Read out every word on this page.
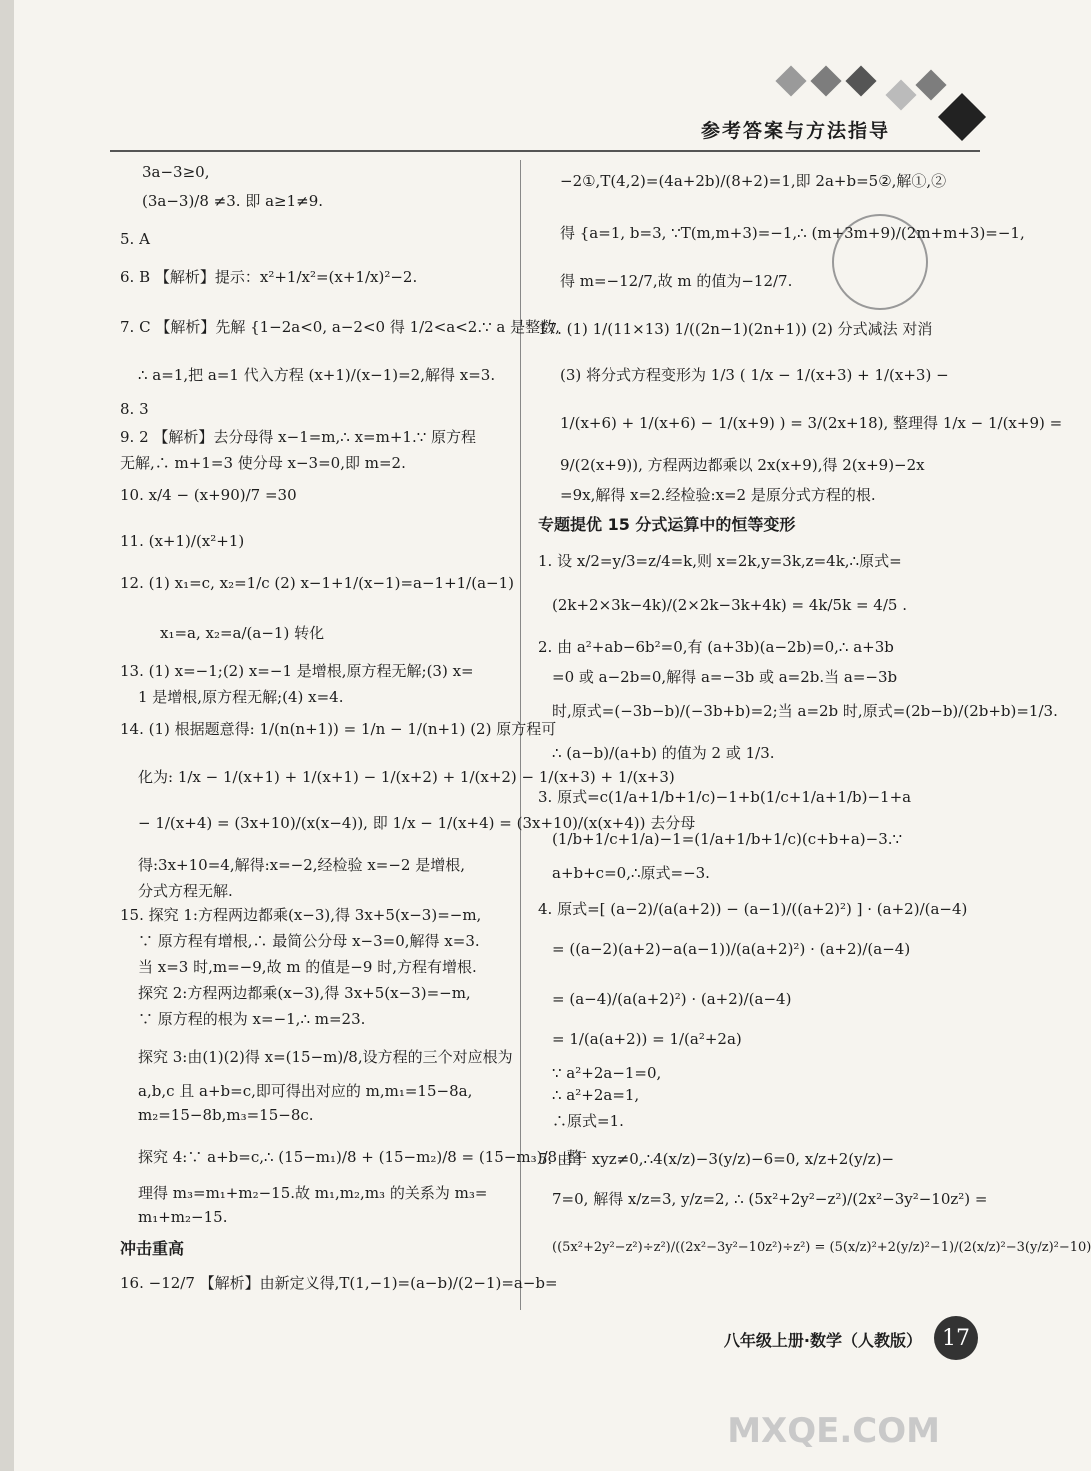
参考答案与方法指导
3a−3≥0,
(3a−3)/8 ≠3. 即 a≥1≠9.
5. A
6. B 【解析】提示：x²+1/x²=(x+1/x)²−2.
7. C 【解析】先解 {1−2a<0, a−2<0 得 1/2<a<2.∵ a 是整数,
∴ a=1,把 a=1 代入方程 (x+1)/(x−1)=2,解得 x=3.
8. 3
9. 2 【解析】去分母得 x−1=m,∴ x=m+1.∵ 原方程
无解,∴ m+1=3 使分母 x−3=0,即 m=2.
10. x/4 − (x+90)/7 =30
11. (x+1)/(x²+1)
12. (1) x₁=c, x₂=1/c (2) x−1+1/(x−1)=a−1+1/(a−1)
x₁=a, x₂=a/(a−1) 转化
13. (1) x=−1;(2) x=−1 是增根,原方程无解;(3) x=
1 是增根,原方程无解;(4) x=4.
14. (1) 根据题意得: 1/(n(n+1)) = 1/n − 1/(n+1) (2) 原方程可
化为: 1/x − 1/(x+1) + 1/(x+1) − 1/(x+2) + 1/(x+2) − 1/(x+3) + 1/(x+3)
− 1/(x+4) = (3x+10)/(x(x−4)), 即 1/x − 1/(x+4) = (3x+10)/(x(x+4)) 去分母
得:3x+10=4,解得:x=−2,经检验 x=−2 是增根,
分式方程无解.
15. 探究 1:方程两边都乘(x−3),得 3x+5(x−3)=−m,
∵ 原方程有增根,∴ 最简公分母 x−3=0,解得 x=3.
当 x=3 时,m=−9,故 m 的值是−9 时,方程有增根.
探究 2:方程两边都乘(x−3),得 3x+5(x−3)=−m,
∵ 原方程的根为 x=−1,∴ m=23.
探究 3:由(1)(2)得 x=(15−m)/8,设方程的三个对应根为
a,b,c 且 a+b=c,即可得出对应的 m,m₁=15−8a,
m₂=15−8b,m₃=15−8c.
探究 4:∵ a+b=c,∴ (15−m₁)/8 + (15−m₂)/8 = (15−m₃)/8 .整
理得 m₃=m₁+m₂−15.故 m₁,m₂,m₃ 的关系为 m₃=
m₁+m₂−15.
冲击重高
16. −12/7 【解析】由新定义得,T(1,−1)=(a−b)/(2−1)=a−b=
−2①,T(4,2)=(4a+2b)/(8+2)=1,即 2a+b=5②,解①,②
得 {a=1, b=3, ∵T(m,m+3)=−1,∴ (m+3m+9)/(2m+m+3)=−1,
得 m=−12/7,故 m 的值为−12/7.
17. (1) 1/(11×13) 1/((2n−1)(2n+1)) (2) 分式减法 对消
(3) 将分式方程变形为 1/3 ( 1/x − 1/(x+3) + 1/(x+3) −
1/(x+6) + 1/(x+6) − 1/(x+9) ) = 3/(2x+18), 整理得 1/x − 1/(x+9) =
9/(2(x+9)), 方程两边都乘以 2x(x+9),得 2(x+9)−2x
=9x,解得 x=2.经检验:x=2 是原分式方程的根.
专题提优 15 分式运算中的恒等变形
1. 设 x/2=y/3=z/4=k,则 x=2k,y=3k,z=4k,∴原式=
(2k+2×3k−4k)/(2×2k−3k+4k) = 4k/5k = 4/5 .
2. 由 a²+ab−6b²=0,有 (a+3b)(a−2b)=0,∴ a+3b
=0 或 a−2b=0,解得 a=−3b 或 a=2b.当 a=−3b
时,原式=(−3b−b)/(−3b+b)=2;当 a=2b 时,原式=(2b−b)/(2b+b)=1/3.
∴ (a−b)/(a+b) 的值为 2 或 1/3.
3. 原式=c(1/a+1/b+1/c)−1+b(1/c+1/a+1/b)−1+a
(1/b+1/c+1/a)−1=(1/a+1/b+1/c)(c+b+a)−3.∵
a+b+c=0,∴原式=−3.
4. 原式=[ (a−2)/(a(a+2)) − (a−1)/((a+2)²) ] · (a+2)/(a−4)
= ((a−2)(a+2)−a(a−1))/(a(a+2)²) · (a+2)/(a−4)
= (a−4)/(a(a+2)²) · (a+2)/(a−4)
= 1/(a(a+2)) = 1/(a²+2a)
∵ a²+2a−1=0,
∴ a²+2a=1,
∴原式=1.
5. 由于 xyz≠0,∴4(x/z)−3(y/z)−6=0, x/z+2(y/z)−
7=0, 解得 x/z=3, y/z=2, ∴ (5x²+2y²−z²)/(2x²−3y²−10z²) =
((5x²+2y²−z²)÷z²)/((2x²−3y²−10z²)÷z²) = (5(x/z)²+2(y/z)²−1)/(2(x/z)²−3(y/z)²−10)
八年级上册·数学（人教版） 17
MXQE.COM
